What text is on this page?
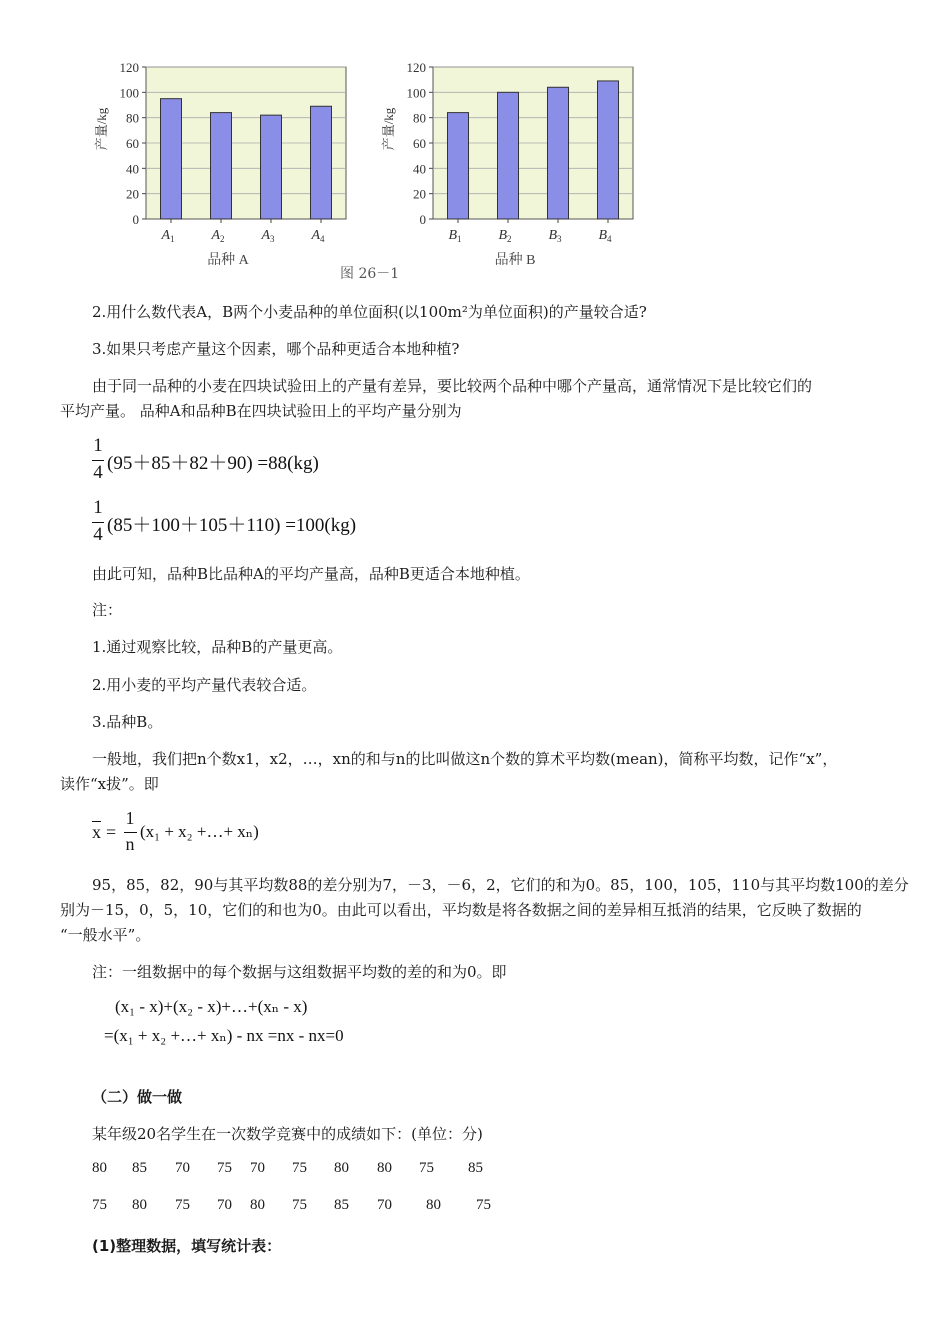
0
20
40
60
80
100
120
$A_1$	$A_2$	$A_3$	$A_4$
产量/kg
品种 A
0
20
40
60
80
100
120
$B_1$	$B_2$	$B_3$	$B_4$
产量/kg
品种 B
图 26－1
2.用什么数代表A，B两个小麦品种的单位面积(以100m²为单位面积)的产量较合适?
3.如果只考虑产量这个因素，哪个品种更适合本地种植?
由于同一品种的小麦在四块试验田上的产量有差异，要比较两个品种中哪个产量高，通常情况下是比较它们的
平均产量。 品种A和品种B在四块试验田上的平均产量分别为
1
4 (95＋85＋82＋90) =88(kg)
1
4 (85＋100＋105＋110) =100(kg)
由此可知，品种B比品种A的平均产量高，品种B更适合本地种植。
注：
1.通过观察比较，品种B的产量更高。
2.用小麦的平均产量代表较合适。
3.品种B。
一般地，我们把n个数x1，x2，…，xn的和与n的比叫做这n个数的算术平均数(mean)，简称平均数，记作“x”，
读作“x拔”。即
$\overline{x}$ =
1
n
(x₁ + x₂ +…+ xₙ)
95，85，82，90与其平均数88的差分别为7，－3，－6，2，它们的和为0。85，100，105，110与其平均数100的差分
别为－15，0，5，10，它们的和也为0。由此可以看出，平均数是将各数据之间的差异相互抵消的结果，它反映了数据的
“一般水平”。
注：一组数据中的每个数据与这组数据平均数的差的和为0。即
(x₁ - x)+(x₂ - x)+…+(xₙ - x)
=(x₁ + x₂ +…+ xₙ) - nx =nx - nx=0
（二）做一做
某年级20名学生在一次数学竞赛中的成绩如下：(单位：分)
80 85 70 75 70 75 80 80 75 85
75 80 75 70 80 75 85 70 80 75
(1)整理数据，填写统计表：
